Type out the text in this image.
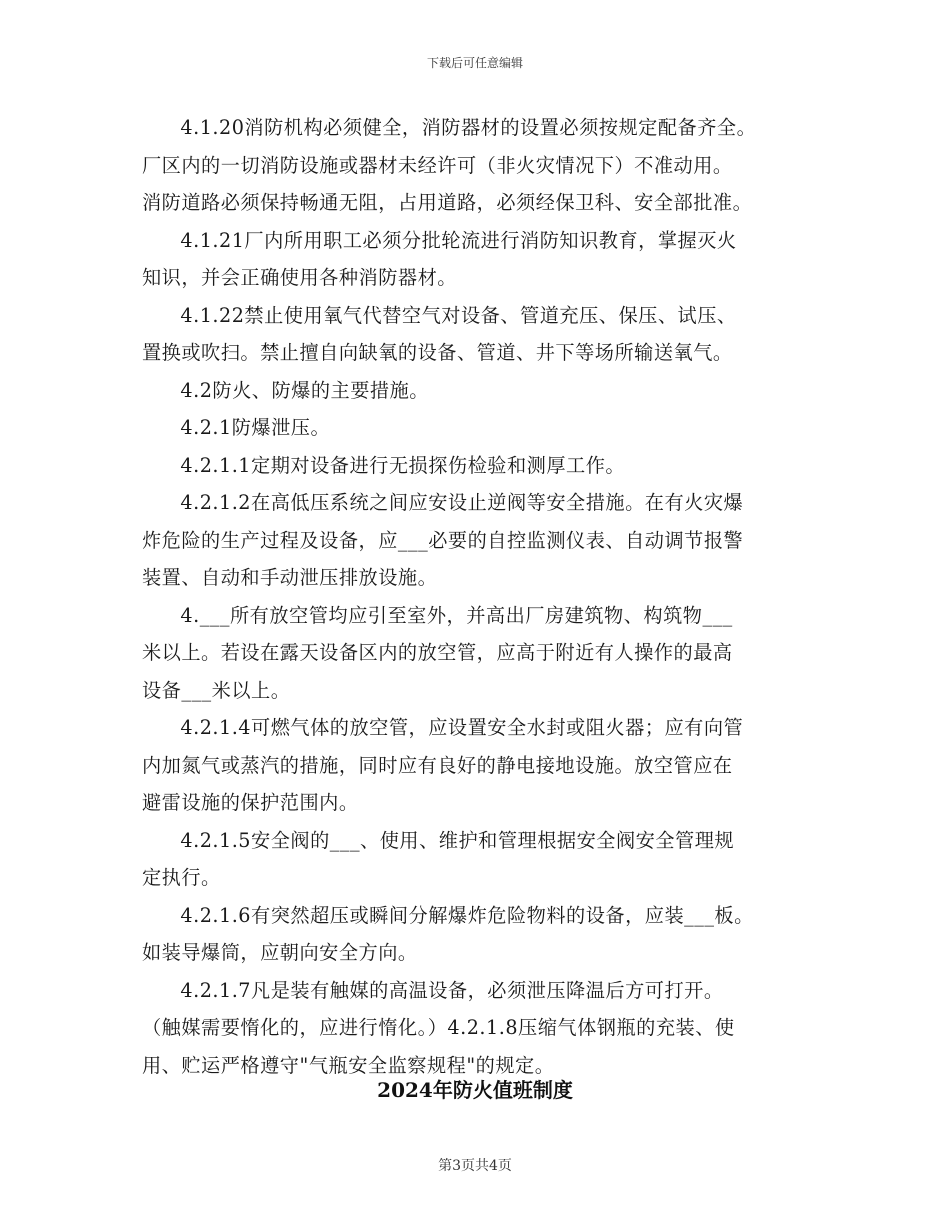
下载后可任意编辑

4.1.20消防机构必须健全，消防器材的设置必须按规定配备齐全。
厂区内的一切消防设施或器材未经许可（非火灾情况下）不准动用。
消防道路必须保持畅通无阻，占用道路，必须经保卫科、安全部批准。

4.1.21厂内所用职工必须分批轮流进行消防知识教育，掌握灭火
知识，并会正确使用各种消防器材。

4.1.22禁止使用氧气代替空气对设备、管道充压、保压、试压、
置换或吹扫。禁止擅自向缺氧的设备、管道、井下等场所输送氧气。

4.2防火、防爆的主要措施。

4.2.1防爆泄压。

4.2.1.1定期对设备进行无损探伤检验和测厚工作。

4.2.1.2在高低压系统之间应安设止逆阀等安全措施。在有火灾爆
炸危险的生产过程及设备，应___必要的自控监测仪表、自动调节报警
装置、自动和手动泄压排放设施。

4.___所有放空管均应引至室外，并高出厂房建筑物、构筑物___
米以上。若设在露天设备区内的放空管，应高于附近有人操作的最高
设备___米以上。

4.2.1.4可燃气体的放空管，应设置安全水封或阻火器；应有向管
内加氮气或蒸汽的措施，同时应有良好的静电接地设施。放空管应在
避雷设施的保护范围内。

4.2.1.5安全阀的___、使用、维护和管理根据安全阀安全管理规
定执行。

4.2.1.6有突然超压或瞬间分解爆炸危险物料的设备，应装___板。
如装导爆筒，应朝向安全方向。

4.2.1.7凡是装有触媒的高温设备，必须泄压降温后方可打开。
（触媒需要惰化的，应进行惰化。）4.2.1.8压缩气体钢瓶的充装、使
用、贮运严格遵守"气瓶安全监察规程"的规定。

2024年防火值班制度
第3页共4页
